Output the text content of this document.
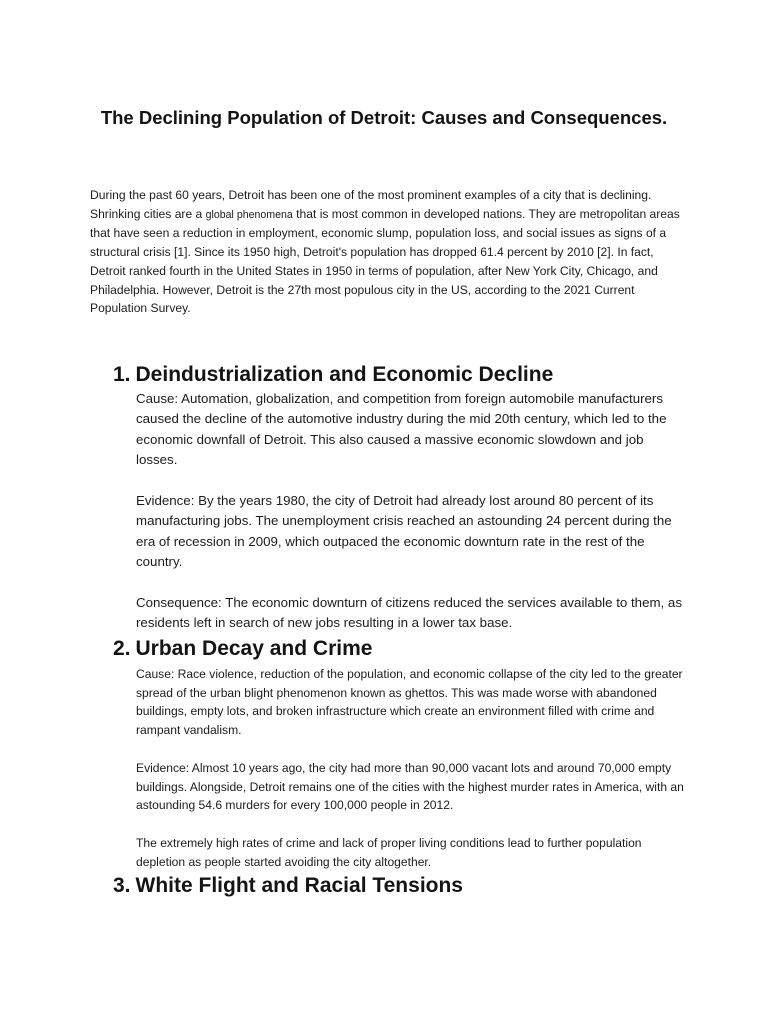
The Declining Population of Detroit: Causes and Consequences.

During the past 60 years, Detroit has been one of the most prominent examples of a city that is declining. Shrinking cities are a global phenomena that is most common in developed nations. They are metropolitan areas that have seen a reduction in employment, economic slump, population loss, and social issues as signs of a structural crisis [1]. Since its 1950 high, Detroit's population has dropped 61.4 percent by 2010 [2]. In fact, Detroit ranked fourth in the United States in 1950 in terms of population, after New York City, Chicago, and Philadelphia. However, Detroit is the 27th most populous city in the US, according to the 2021 Current Population Survey.

1. Deindustrialization and Economic Decline

Cause: Automation, globalization, and competition from foreign automobile manufacturers caused the decline of the automotive industry during the mid 20th century, which led to the economic downfall of Detroit. This also caused a massive economic slowdown and job losses.

Evidence: By the years 1980, the city of Detroit had already lost around 80 percent of its manufacturing jobs. The unemployment crisis reached an astounding 24 percent during the era of recession in 2009, which outpaced the economic downturn rate in the rest of the country.

Consequence: The economic downturn of citizens reduced the services available to them, as residents left in search of new jobs resulting in a lower tax base.

2. Urban Decay and Crime

Cause: Race violence, reduction of the population, and economic collapse of the city led to the greater spread of the urban blight phenomenon known as ghettos. This was made worse with abandoned buildings, empty lots, and broken infrastructure which create an environment filled with crime and rampant vandalism.

Evidence: Almost 10 years ago, the city had more than 90,000 vacant lots and around 70,000 empty buildings. Alongside, Detroit remains one of the cities with the highest murder rates in America, with an astounding 54.6 murders for every 100,000 people in 2012.

The extremely high rates of crime and lack of proper living conditions lead to further population depletion as people started avoiding the city altogether.

3. White Flight and Racial Tensions
